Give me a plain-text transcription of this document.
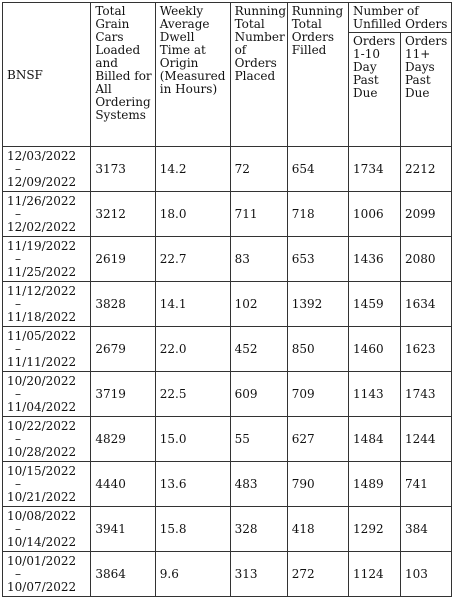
BNSF	Total Grain Cars Loaded and Billed for All Ordering Systems	Weekly Average Dwell Time at Origin (Measured in Hours)	Running Total Number of Orders Placed	Running Total Orders Filled	Number of Unfilled Orders	
					Orders 1-10 Day Past Due	Orders 11+ Days Past Due

12/03/2022
–
12/09/2022	3173	14.2	72	654	1734	2212

11/26/2022
–
12/02/2022	3212	18.0	711	718	1006	2099

11/19/2022
–
11/25/2022	2619	22.7	83	653	1436	2080

11/12/2022
–
11/18/2022	3828	14.1	102	1392	1459	1634

11/05/2022
–
11/11/2022	2679	22.0	452	850	1460	1623

10/20/2022
–
11/04/2022	3719	22.5	609	709	1143	1743

10/22/2022
–
10/28/2022	4829	15.0	55	627	1484	1244

10/15/2022
–
10/21/2022	4440	13.6	483	790	1489	741

10/08/2022
–
10/14/2022	3941	15.8	328	418	1292	384

10/01/2022
–
10/07/2022	3864	9.6	313	272	1124	103
